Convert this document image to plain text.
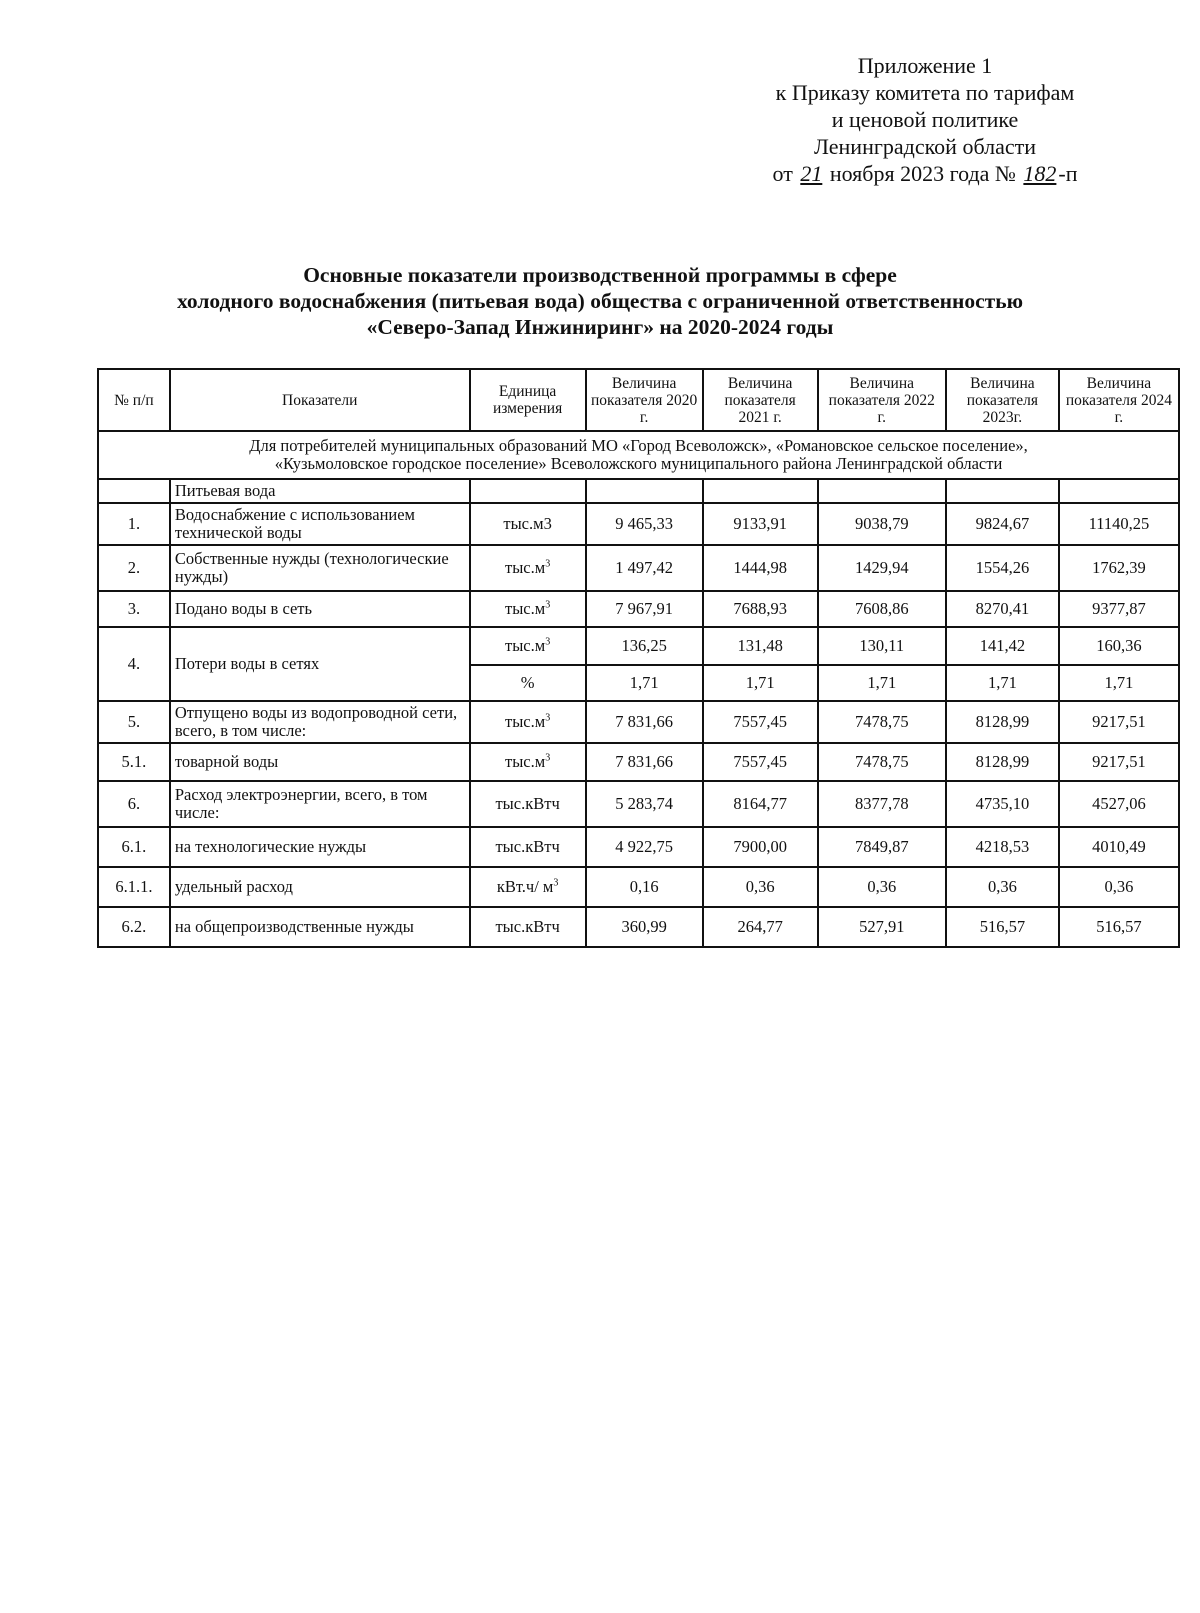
Приложение 1
к Приказу комитета по тарифам
и ценовой политике
Ленинградской области
от 21 ноября 2023 года № 182-п
Основные показатели производственной программы в сфере
холодного водоснабжения (питьевая вода) общества с ограниченной ответственностью
«Северо-Запад Инжиниринг» на 2020-2024 годы
№ п/п	Показатели	Единица измерения	Величина показателя 2020 г.	Величина показателя 2021 г.	Величина показателя 2022 г.	Величина показателя 2023г.	Величина показателя 2024 г.

Для потребителей муниципальных образований МО «Город Всеволожск», «Романовское сельское поселение»,
«Кузьмоловское городское поселение» Всеволожского муниципального района Ленинградской области							

	Питьевая вода						
1.	Водоснабжение с использованием технической воды	тыс.м3	9 465,33	9133,91	9038,79	9824,67	11140,25
2.	Собственные нужды (технологические нужды)	$тыс.м^3$	1 497,42	1444,98	1429,94	1554,26	1762,39
3.	Подано воды в сеть	$тыс.м^3$	7 967,91	7688,93	7608,86	8270,41	9377,87
4.	Потери воды в сетях	$тыс.м^3$	136,25	131,48	130,11	141,42	160,36
		%	1,71	1,71	1,71	1,71	1,71
5.	Отпущено воды из водопроводной сети, всего, в том числе:	$тыс.м^3$	7 831,66	7557,45	7478,75	8128,99	9217,51
5.1.	товарной воды	$тыс.м^3$	7 831,66	7557,45	7478,75	8128,99	9217,51
6.	Расход электроэнергии, всего, в том числе:	тыс.кВтч	5 283,74	8164,77	8377,78	4735,10	4527,06
6.1.	на технологические нужды	тыс.кВтч	4 922,75	7900,00	7849,87	4218,53	4010,49
6.1.1.	удельный расход	кВт.ч/ $м^3$	0,16	0,36	0,36	0,36	0,36
6.2.	на общепроизводственные нужды	тыс.кВтч	360,99	264,77	527,91	516,57	516,57
